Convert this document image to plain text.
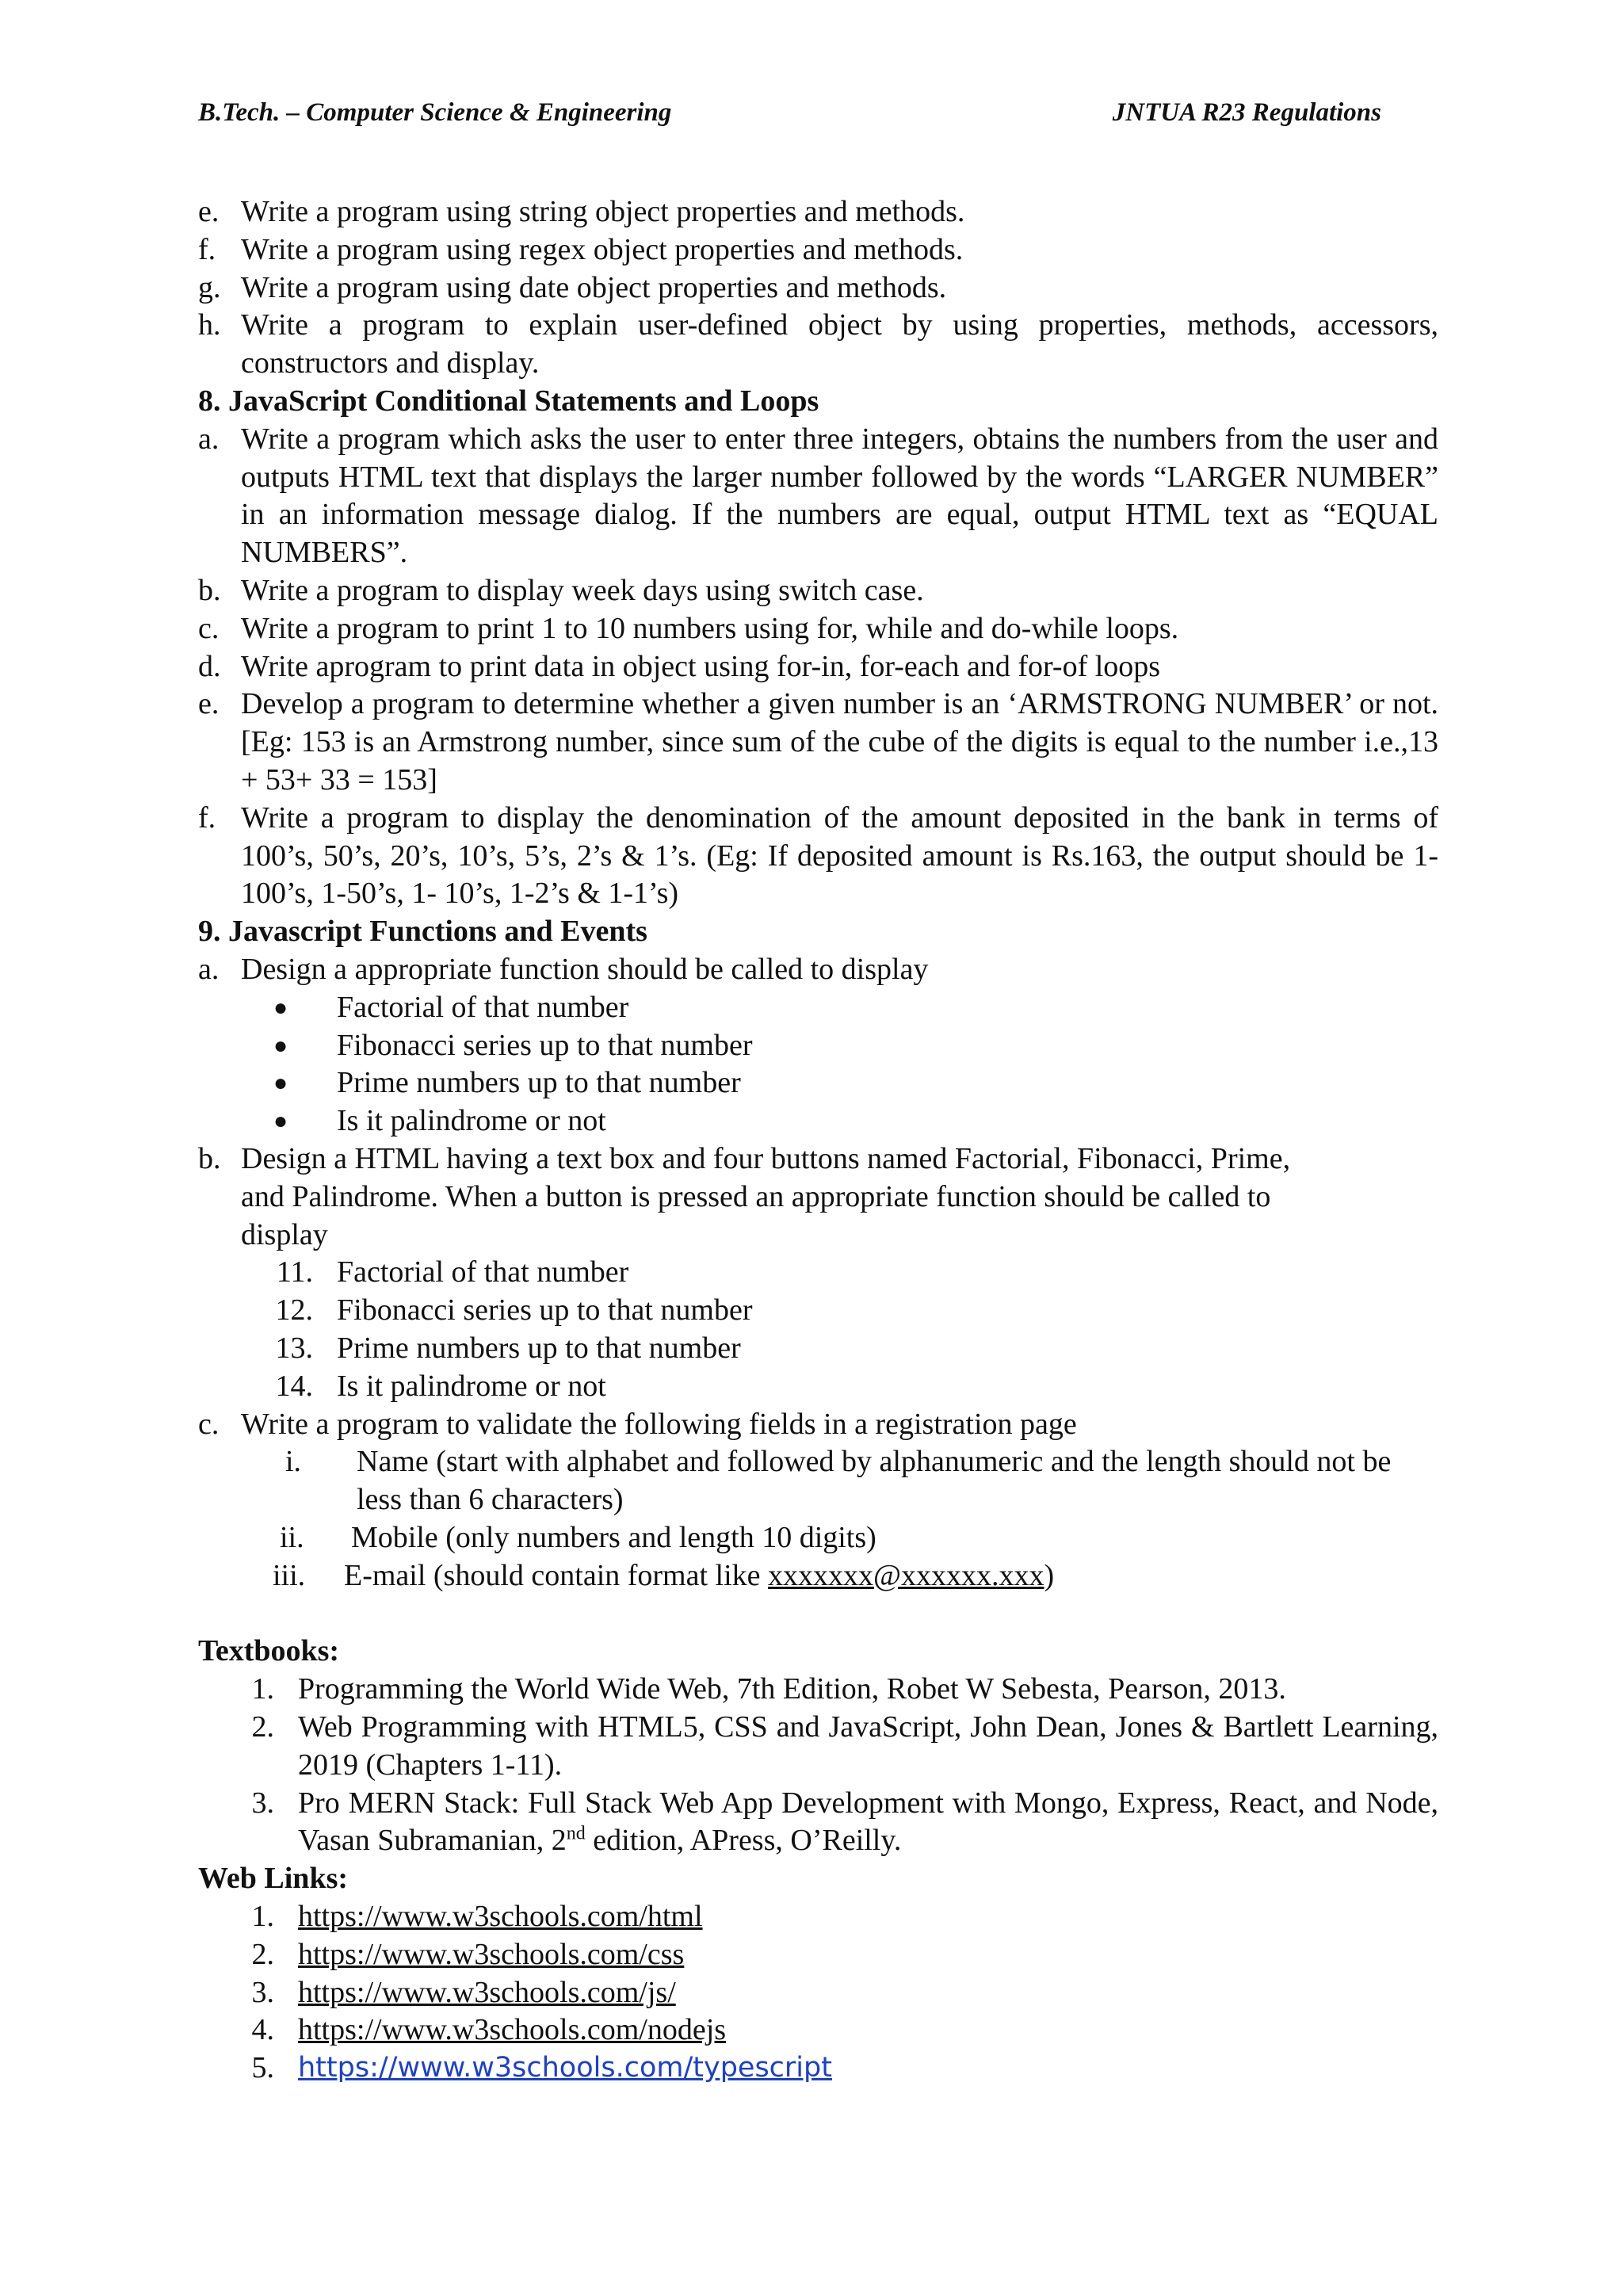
B.Tech. – Computer Science & Engineering	JNTUA R23 Regulations
e. Write a program using string object properties and methods.
f. Write a program using regex object properties and methods.
g. Write a program using date object properties and methods.
h. Write a program to explain user-defined object by using properties, methods, accessors, constructors and display.
8. JavaScript Conditional Statements and Loops
a. Write a program which asks the user to enter three integers, obtains the numbers from the user and outputs HTML text that displays the larger number followed by the words “LARGER NUMBER” in an information message dialog. If the numbers are equal, output HTML text as “EQUAL NUMBERS”.
b. Write a program to display week days using switch case.
c. Write a program to print 1 to 10 numbers using for, while and do-while loops.
d. Write aprogram to print data in object using for-in, for-each and for-of loops
e. Develop a program to determine whether a given number is an ‘ARMSTRONG NUMBER’ or not. [Eg: 153 is an Armstrong number, since sum of the cube of the digits is equal to the number i.e.,13 + 53+ 33 = 153]
f. Write a program to display the denomination of the amount deposited in the bank in terms of 100’s, 50’s, 20’s, 10’s, 5’s, 2’s & 1’s. (Eg: If deposited amount is Rs.163, the output should be 1-100’s, 1-50’s, 1- 10’s, 1-2’s & 1-1’s)
9. Javascript Functions and Events
a. Design a appropriate function should be called to display
●	Factorial of that number
●	Fibonacci series up to that number
●	Prime numbers up to that number
●	Is it palindrome or not
b. Design a HTML having a text box and four buttons named Factorial, Fibonacci, Prime,
and Palindrome. When a button is pressed an appropriate function should be called to
display
11. Factorial of that number
12. Fibonacci series up to that number
13. Prime numbers up to that number
14. Is it palindrome or not
c. Write a program to validate the following fields in a registration page
i.	Name (start with alphabet and followed by alphanumeric and the length should not be less than 6 characters)
ii.	Mobile (only numbers and length 10 digits)
iii.	E-mail (should contain format like xxxxxxx@xxxxxx.xxx)
Textbooks:
1. Programming the World Wide Web, 7th Edition, Robet W Sebesta, Pearson, 2013.
2. Web Programming with HTML5, CSS and JavaScript, John Dean, Jones & Bartlett Learning, 2019 (Chapters 1-11).
3. Pro MERN Stack: Full Stack Web App Development with Mongo, Express, React, and Node, Vasan Subramanian, 2nd edition, APress, O’Reilly.
Web Links:
1. https://www.w3schools.com/html
2. https://www.w3schools.com/css
3. https://www.w3schools.com/js/
4. https://www.w3schools.com/nodejs
5. https://www.w3schools.com/typescript
